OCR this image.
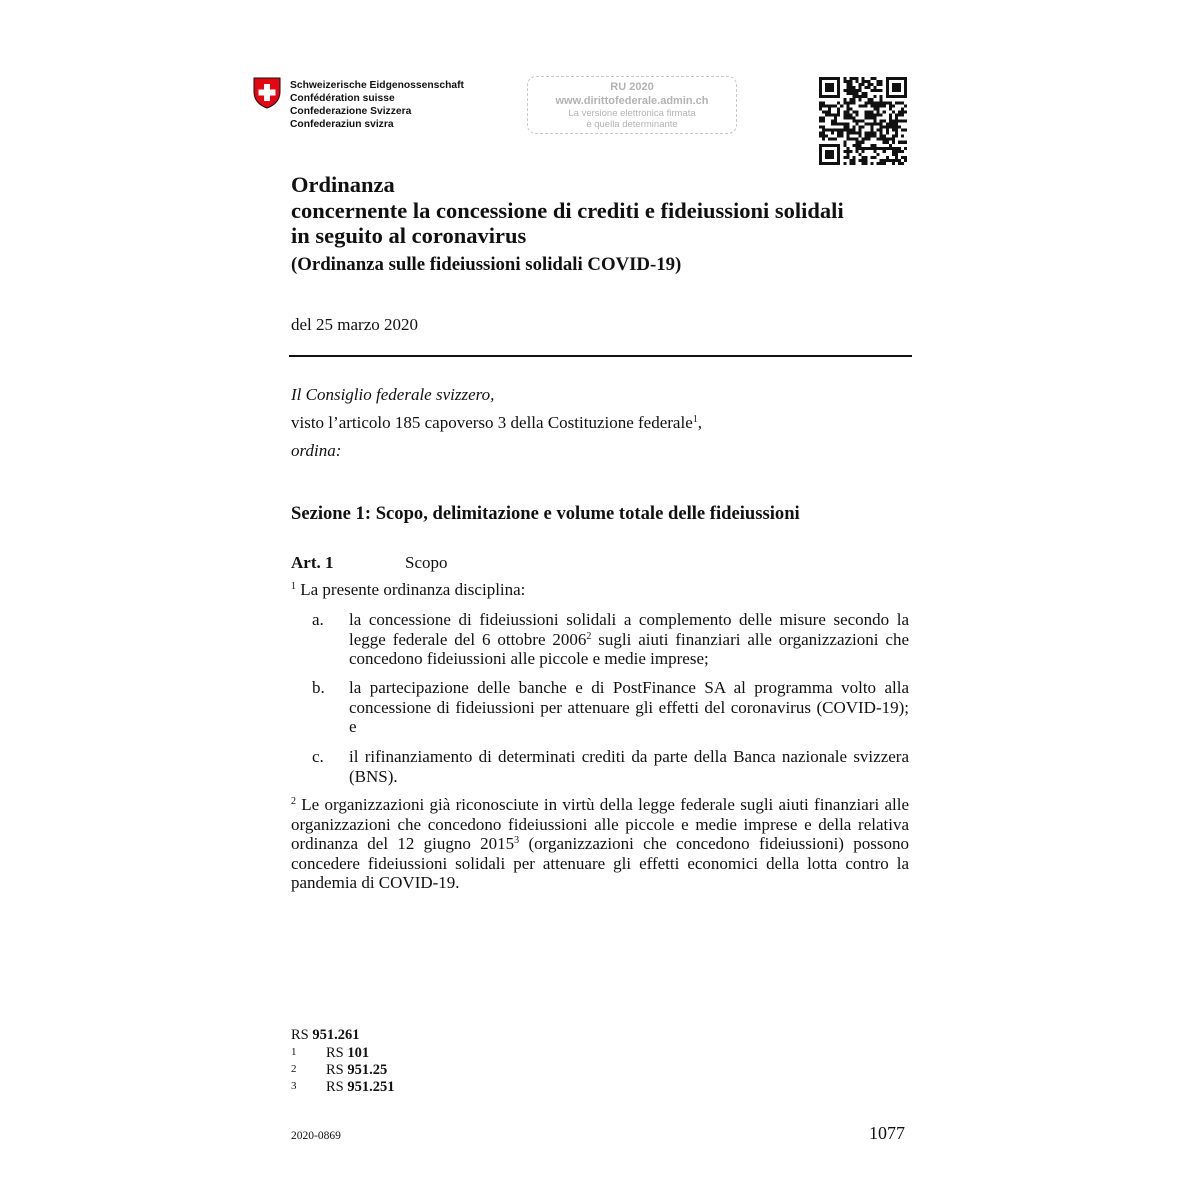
Schweizerische Eidgenossenschaft
Confédération suisse
Confederazione Svizzera
Confederaziun svizra
RU 2020
www.dirittofederale.admin.ch
La versione elettronica firmata
è quella determinante
Ordinanza
concernente la concessione di crediti e fideiussioni solidali
in seguito al coronavirus
(Ordinanza sulle fideiussioni solidali COVID-19)
del 25 marzo 2020
Il Consiglio federale svizzero,
visto l’articolo 185 capoverso 3 della Costituzione federale$^1$,
ordina:
Sezione 1: Scopo, delimitazione e volume totale delle fideiussioni
Art. 1	Scopo
$^1$ La presente ordinanza disciplina:
a. la concessione di fideiussioni solidali a complemento delle misure secondo la legge federale del 6 ottobre 2006$^2$ sugli aiuti finanziari alle organizzazioni che concedono fideiussioni alle piccole e medie imprese;
b. la partecipazione delle banche e di PostFinance SA al programma volto alla concessione di fideiussioni per attenuare gli effetti del coronavirus (COVID-19); e
c. il rifinanziamento di determinati crediti da parte della Banca nazionale svizzera (BNS).
$^2$ Le organizzazioni già riconosciute in virtù della legge federale sugli aiuti finanziari alle organizzazioni che concedono fideiussioni alle piccole e medie imprese e della relativa ordinanza del 12 giugno 2015$^3$ (organizzazioni che concedono fideiussioni) possono concedere fideiussioni solidali per attenuare gli effetti economici della lotta contro la pandemia di COVID-19.
RS 951.261
1 RS 101
2 RS 951.25
3 RS 951.251
2020-0869	1077
